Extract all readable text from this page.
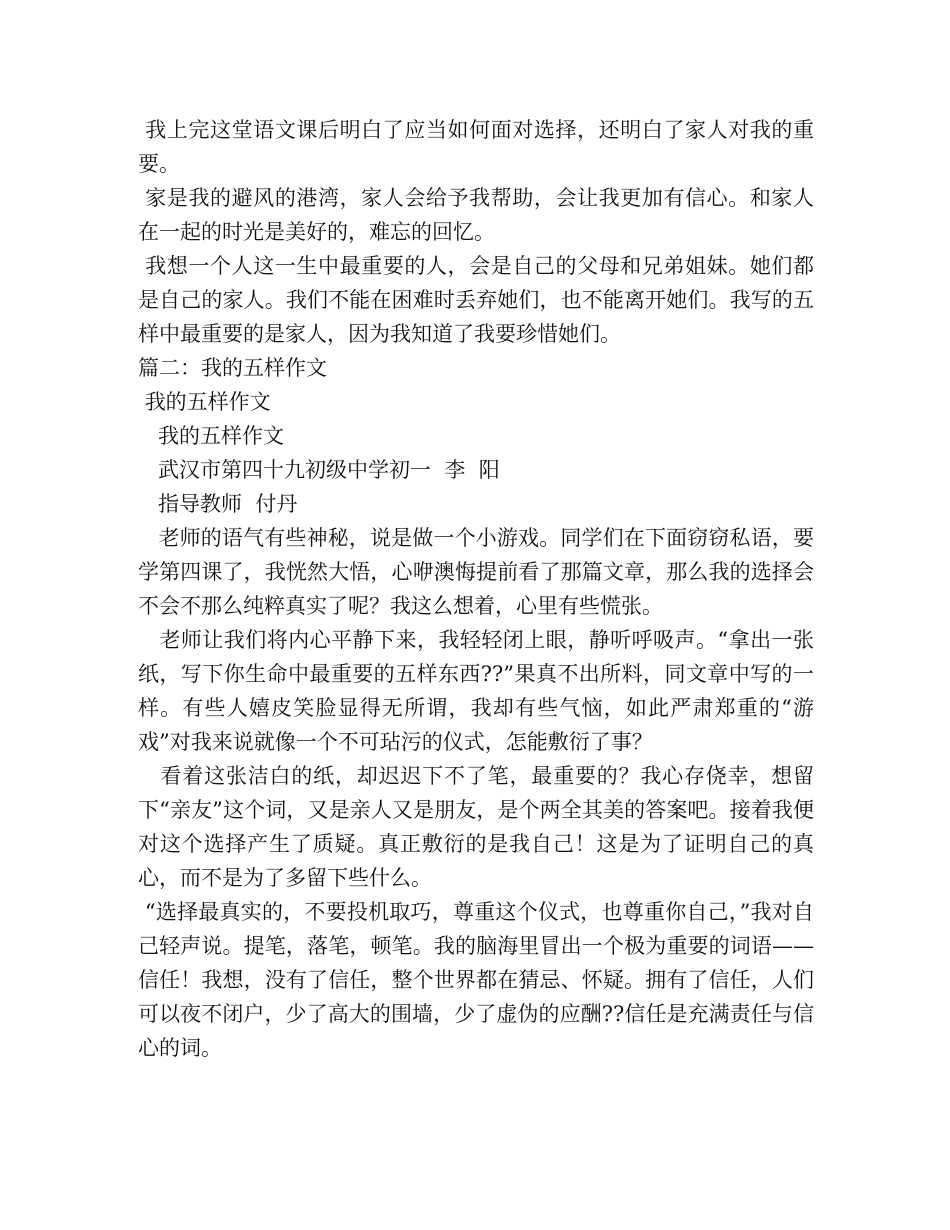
我上完这堂语文课后明白了应当如何面对选择，还明白了家人对我的重要。

家是我的避风的港湾，家人会给予我帮助，会让我更加有信心。和家人在一起的时光是美好的，难忘的回忆。

我想一个人这一生中最重要的人，会是自己的父母和兄弟姐妹。她们都是自己的家人。我们不能在困难时丢弃她们，也不能离开她们。我写的五样中最重要的是家人，因为我知道了我要珍惜她们。

篇二：我的五样作文

我的五样作文

我的五样作文

武汉市第四十九初级中学初一  李  阳

指导教师  付丹

老师的语气有些神秘，说是做一个小游戏。同学们在下面窃窃私语，要学第四课了，我恍然大悟，心咿澳悔提前看了那篇文章，那么我的选择会不会不那么纯粹真实了呢？我这么想着，心里有些慌张。

老师让我们将内心平静下来，我轻轻闭上眼，静听呼吸声。“拿出一张纸，写下你生命中最重要的五样东西??”果真不出所料，同文章中写的一样。有些人嬉皮笑脸显得无所谓，我却有些气恼，如此严肃郑重的“游戏”对我来说就像一个不可玷污的仪式，怎能敷衍了事？

看着这张洁白的纸，却迟迟下不了笔，最重要的？我心存侥幸，想留下“亲友”这个词，又是亲人又是朋友，是个两全其美的答案吧。接着我便对这个选择产生了质疑。真正敷衍的是我自己！这是为了证明自己的真心，而不是为了多留下些什么。

“选择最真实的，不要投机取巧，尊重这个仪式，也尊重你自己，”我对自己轻声说。提笔，落笔，顿笔。我的脑海里冒出一个极为重要的词语——信任！我想，没有了信任，整个世界都在猜忌、怀疑。拥有了信任，人们可以夜不闭户，少了高大的围墙，少了虚伪的应酬??信任是充满责任与信心的词。
